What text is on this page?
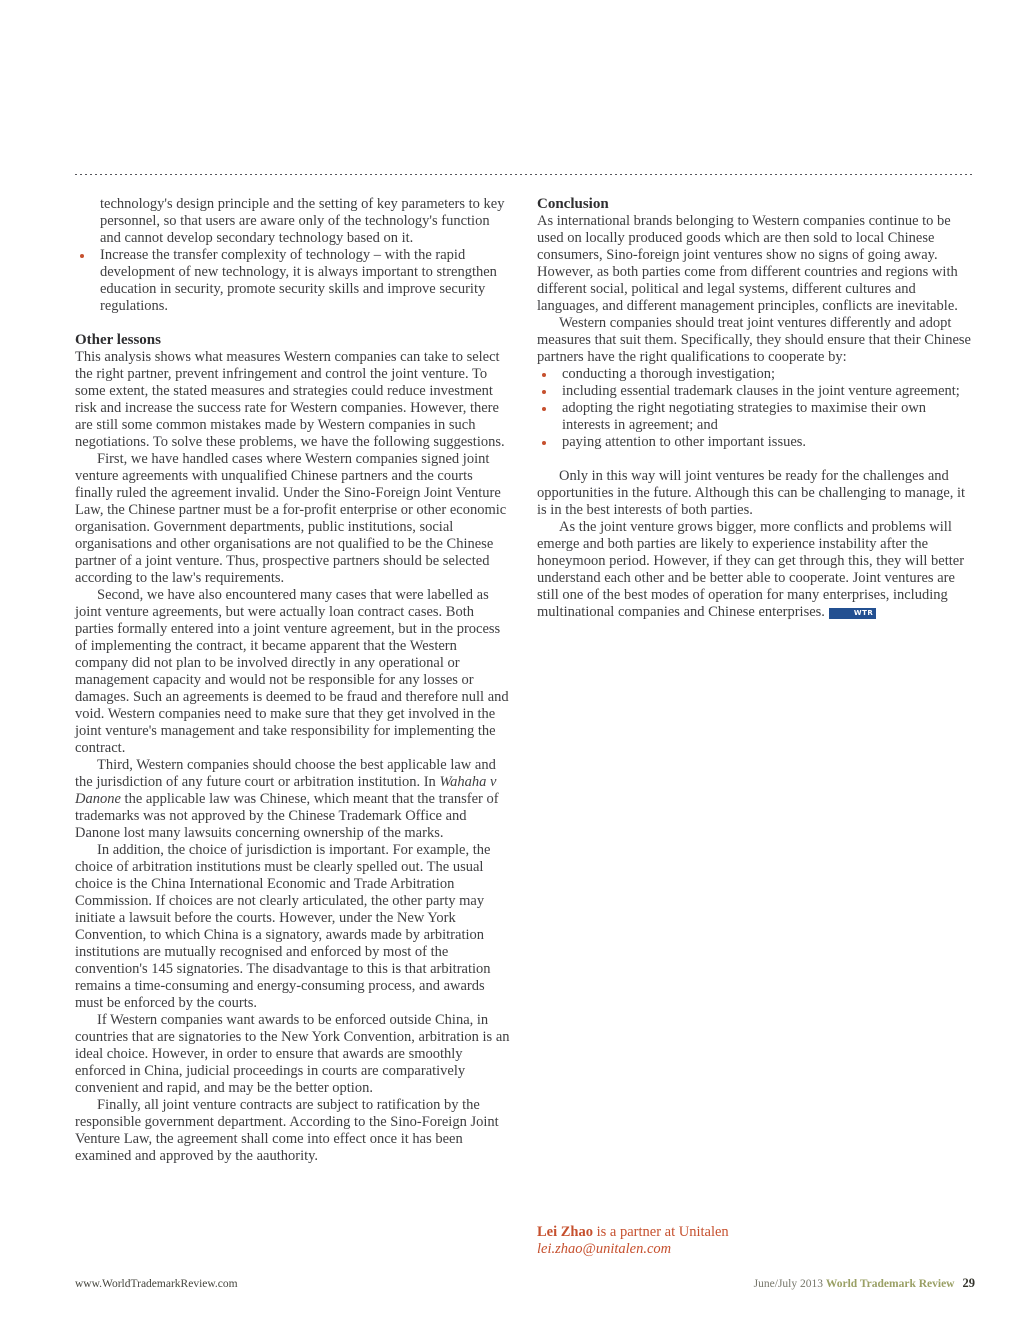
technology's design principle and the setting of key parameters to key personnel, so that users are aware only of the technology's function and cannot develop secondary technology based on it.

Increase the transfer complexity of technology – with the rapid development of new technology, it is always important to strengthen education in security, promote security skills and improve security regulations.

Other lessons

This analysis shows what measures Western companies can take to select the right partner, prevent infringement and control the joint venture. To some extent, the stated measures and strategies could reduce investment risk and increase the success rate for Western companies. However, there are still some common mistakes made by Western companies in such negotiations. To solve these problems, we have the following suggestions.

First, we have handled cases where Western companies signed joint venture agreements with unqualified Chinese partners and the courts finally ruled the agreement invalid. Under the Sino-Foreign Joint Venture Law, the Chinese partner must be a for-profit enterprise or other economic organisation. Government departments, public institutions, social organisations and other organisations are not qualified to be the Chinese partner of a joint venture. Thus, prospective partners should be selected according to the law's requirements.

Second, we have also encountered many cases that were labelled as joint venture agreements, but were actually loan contract cases. Both parties formally entered into a joint venture agreement, but in the process of implementing the contract, it became apparent that the Western company did not plan to be involved directly in any operational or management capacity and would not be responsible for any losses or damages. Such an agreements is deemed to be fraud and therefore null and void. Western companies need to make sure that they get involved in the joint venture's management and take responsibility for implementing the contract.

Third, Western companies should choose the best applicable law and the jurisdiction of any future court or arbitration institution. In Wahaha v Danone the applicable law was Chinese, which meant that the transfer of trademarks was not approved by the Chinese Trademark Office and Danone lost many lawsuits concerning ownership of the marks.

In addition, the choice of jurisdiction is important. For example, the choice of arbitration institutions must be clearly spelled out. The usual choice is the China International Economic and Trade Arbitration Commission. If choices are not clearly articulated, the other party may initiate a lawsuit before the courts. However, under the New York Convention, to which China is a signatory, awards made by arbitration institutions are mutually recognised and enforced by most of the convention's 145 signatories. The disadvantage to this is that arbitration remains a time-consuming and energy-consuming process, and awards must be enforced by the courts.

If Western companies want awards to be enforced outside China, in countries that are signatories to the New York Convention, arbitration is an ideal choice. However, in order to ensure that awards are smoothly enforced in China, judicial proceedings in courts are comparatively convenient and rapid, and may be the better option.

Finally, all joint venture contracts are subject to ratification by the responsible government department. According to the Sino-Foreign Joint Venture Law, the agreement shall come into effect once it has been examined and approved by the aauthority.

Conclusion

As international brands belonging to Western companies continue to be used on locally produced goods which are then sold to local Chinese consumers, Sino-foreign joint ventures show no signs of going away. However, as both parties come from different countries and regions with different social, political and legal systems, different cultures and languages, and different management principles, conflicts are inevitable.

Western companies should treat joint ventures differently and adopt measures that suit them. Specifically, they should ensure that their Chinese partners have the right qualifications to cooperate by:

conducting a thorough investigation;

including essential trademark clauses in the joint venture agreement;

adopting the right negotiating strategies to maximise their own interests in agreement; and

paying attention to other important issues.

Only in this way will joint ventures be ready for the challenges and opportunities in the future. Although this can be challenging to manage, it is in the best interests of both parties.

As the joint venture grows bigger, more conflicts and problems will emerge and both parties are likely to experience instability after the honeymoon period. However, if they can get through this, they will better understand each other and be better able to cooperate. Joint ventures are still one of the best modes of operation for many enterprises, including multinational companies and Chinese enterprises.	WTR

Lei Zhao is a partner at Unitalen

lei.zhao@unitalen.com

www.WorldTrademarkReview.com	June/July 2013 World Trademark Review 29
